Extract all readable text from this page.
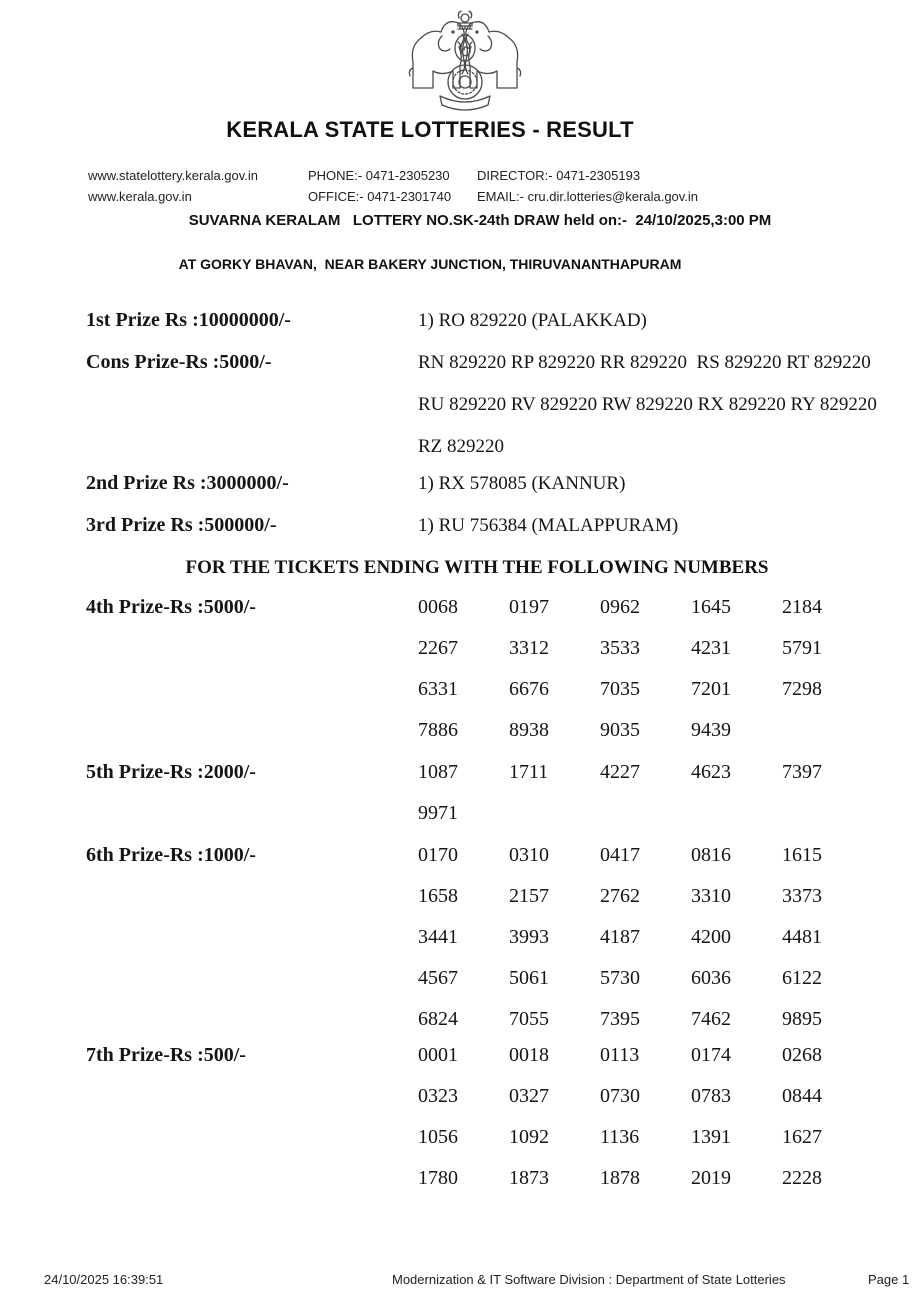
KERALA STATE LOTTERIES - RESULT
www.statelottery.kerala.gov.in	PHONE:- 0471-2305230	DIRECTOR:- 0471-2305193
www.kerala.gov.in	OFFICE:- 0471-2301740	EMAIL:- cru.dir.lotteries@kerala.gov.in
SUVARNA KERALAM   LOTTERY NO.SK-24th DRAW held on:-  24/10/2025,3:00 PM
AT GORKY BHAVAN,  NEAR BAKERY JUNCTION, THIRUVANANTHAPURAM
1st Prize Rs :10000000/-	1) RO 829220 (PALAKKAD)
Cons Prize-Rs :5000/-	RN 829220 RP 829220 RR 829220  RS 829220 RT 829220
RU 829220 RV 829220 RW 829220 RX 829220 RY 829220
RZ 829220
2nd Prize Rs :3000000/-	1) RX 578085 (KANNUR)
3rd Prize Rs :500000/-	1) RU 756384 (MALAPPURAM)
FOR THE TICKETS ENDING WITH THE FOLLOWING NUMBERS
4th Prize-Rs :5000/-	0068	0197	0962	1645	2184
2267	3312	3533	4231	5791
6331	6676	7035	7201	7298
7886	8938	9035	9439
5th Prize-Rs :2000/-	1087	1711	4227	4623	7397
9971
6th Prize-Rs :1000/-	0170	0310	0417	0816	1615
1658	2157	2762	3310	3373
3441	3993	4187	4200	4481
4567	5061	5730	6036	6122
6824	7055	7395	7462	9895
7th Prize-Rs :500/-	0001	0018	0113	0174	0268
0323	0327	0730	0783	0844
1056	1092	1136	1391	1627
1780	1873	1878	2019	2228
24/10/2025 16:39:51	Modernization & IT Software Division : Department of State Lotteries	Page 1
